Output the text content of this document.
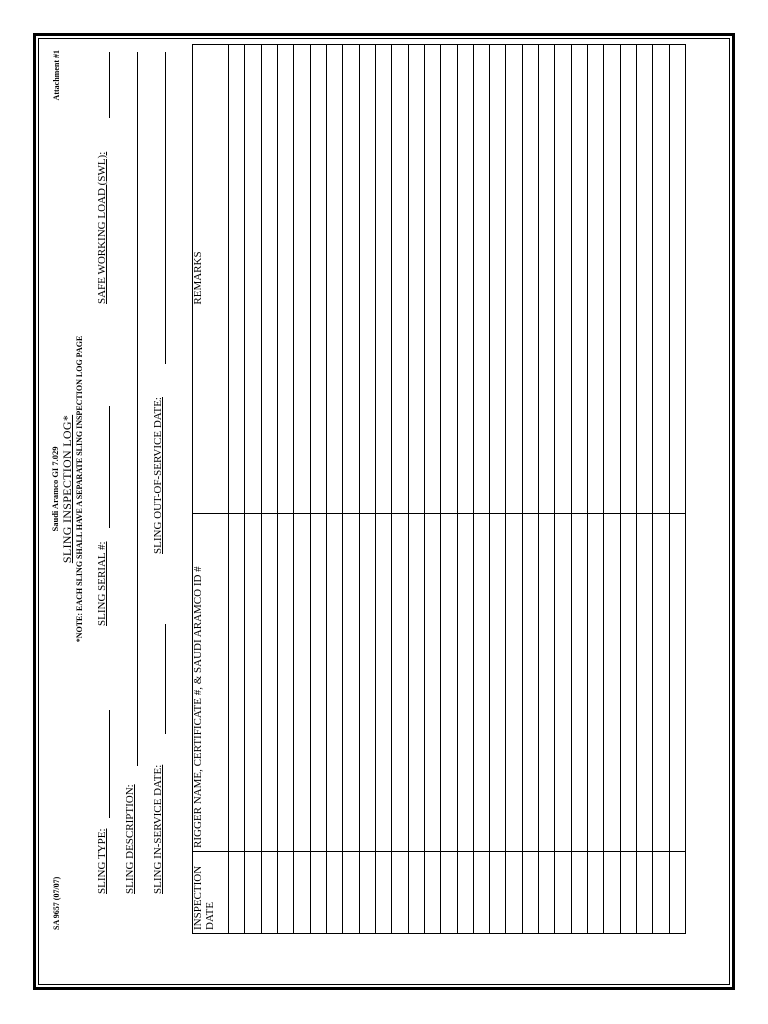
SA 9657 (07/07)
Attachment #1
Saudi Aramco GI 7.029 SLING INSPECTION LOG* *NOTE: EACH SLING SHALL HAVE A SEPARATE SLING INSPECTION LOG PAGE
SLING TYPE:
SLING SERIAL #:
SAFE WORKING LOAD (SWL):
SLING DESCRIPTION: SLING IN-SERVICE DATE:
SLING OUT-OF-SERVICE DATE:
INSPECTION DATE
RIGGER NAME, CERTIFICATE #, & SAUDI ARAMCO ID #
REMARKS
